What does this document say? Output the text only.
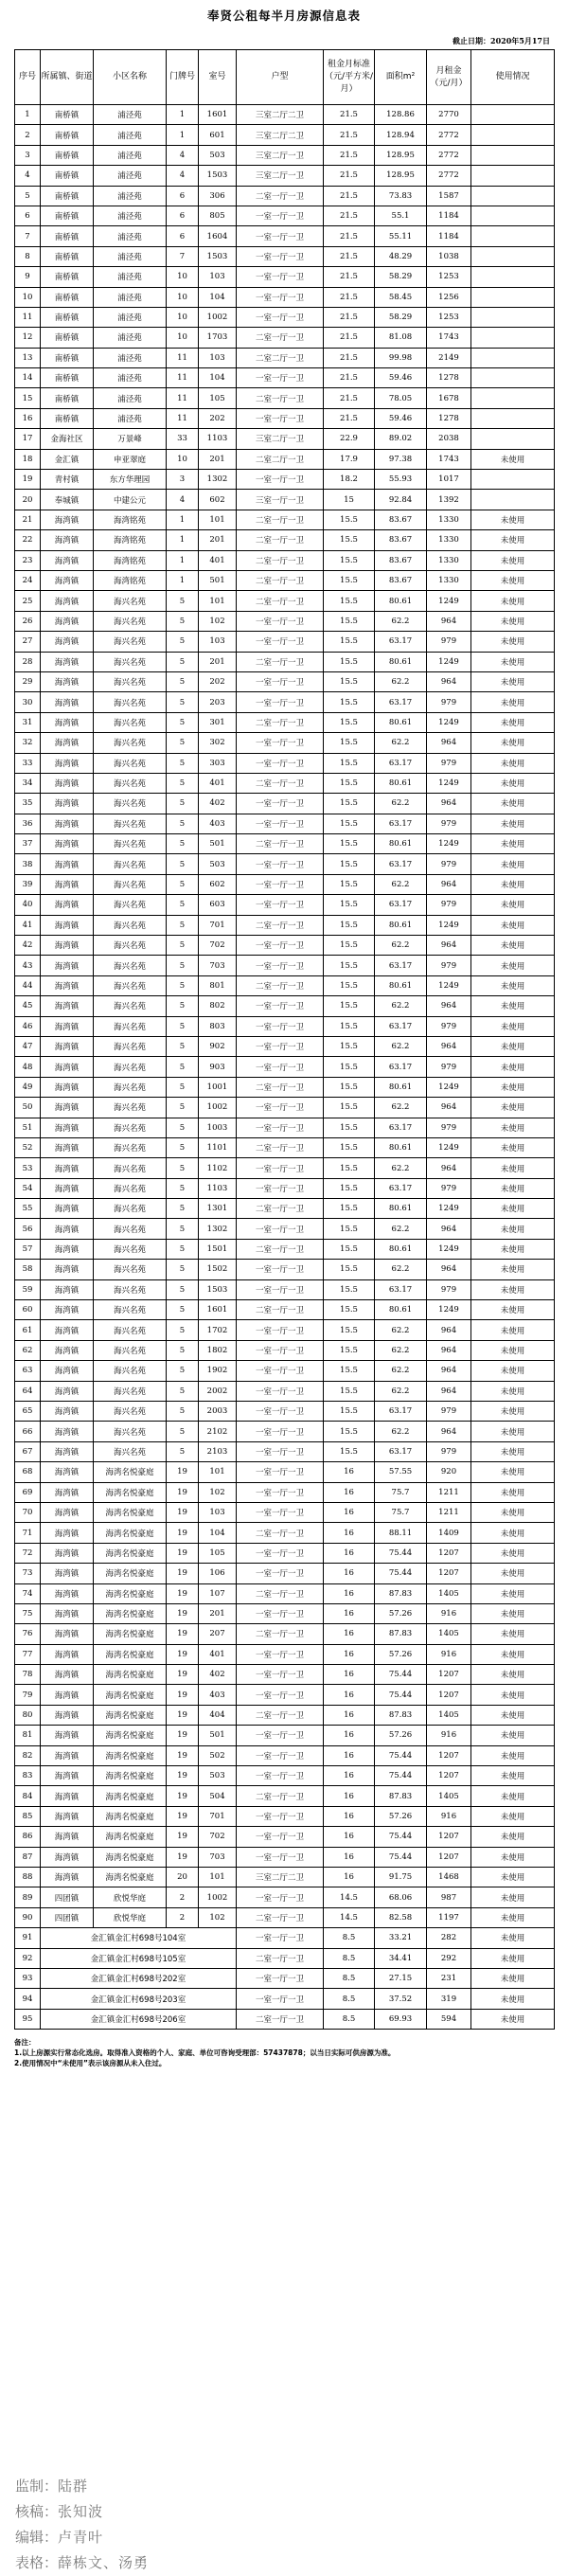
奉贤公租每半月房源信息表
截止日期：2020年5月17日
序号	所属镇、街道	小区名称	门牌号	室号	户型	租金月标准（元/平方米/月）	面积m²	月租金（元/月）	使用情况
1	南桥镇	浦泾苑	1	1601	三室二厅二卫	21.5	128.86	2770	
2	南桥镇	浦泾苑	1	601	三室二厅二卫	21.5	128.94	2772	
3	南桥镇	浦泾苑	4	503	三室二厅一卫	21.5	128.95	2772	
4	南桥镇	浦泾苑	4	1503	三室二厅一卫	21.5	128.95	2772	
5	南桥镇	浦泾苑	6	306	二室一厅一卫	21.5	73.83	1587	
6	南桥镇	浦泾苑	6	805	一室一厅一卫	21.5	55.1	1184	
7	南桥镇	浦泾苑	6	1604	一室一厅一卫	21.5	55.11	1184	
8	南桥镇	浦泾苑	7	1503	一室一厅一卫	21.5	48.29	1038	
9	南桥镇	浦泾苑	10	103	一室一厅一卫	21.5	58.29	1253	
10	南桥镇	浦泾苑	10	104	一室一厅一卫	21.5	58.45	1256	
11	南桥镇	浦泾苑	10	1002	一室一厅一卫	21.5	58.29	1253	
12	南桥镇	浦泾苑	10	1703	二室一厅一卫	21.5	81.08	1743	
13	南桥镇	浦泾苑	11	103	二室二厅一卫	21.5	99.98	2149	
14	南桥镇	浦泾苑	11	104	一室一厅一卫	21.5	59.46	1278	
15	南桥镇	浦泾苑	11	105	二室一厅一卫	21.5	78.05	1678	
16	南桥镇	浦泾苑	11	202	一室一厅一卫	21.5	59.46	1278	
17	金海社区	万景峰	33	1103	三室二厅一卫	22.9	89.02	2038	
18	金汇镇	申亚翠庭	10	201	二室二厅一卫	17.9	97.38	1743	未使用
19	青村镇	东方华理园	3	1302	一室一厅一卫	18.2	55.93	1017	
20	奉城镇	中建公元	4	602	三室一厅一卫	15	92.84	1392	
21	海湾镇	海湾铭苑	1	101	二室一厅一卫	15.5	83.67	1330	未使用
22	海湾镇	海湾铭苑	1	201	二室一厅一卫	15.5	83.67	1330	未使用
23	海湾镇	海湾铭苑	1	401	二室一厅一卫	15.5	83.67	1330	未使用
24	海湾镇	海湾铭苑	1	501	二室一厅一卫	15.5	83.67	1330	未使用
25	海湾镇	海兴名苑	5	101	二室一厅一卫	15.5	80.61	1249	未使用
26	海湾镇	海兴名苑	5	102	一室一厅一卫	15.5	62.2	964	未使用
27	海湾镇	海兴名苑	5	103	一室一厅一卫	15.5	63.17	979	未使用
28	海湾镇	海兴名苑	5	201	二室一厅一卫	15.5	80.61	1249	未使用
29	海湾镇	海兴名苑	5	202	一室一厅一卫	15.5	62.2	964	未使用
30	海湾镇	海兴名苑	5	203	一室一厅一卫	15.5	63.17	979	未使用
31	海湾镇	海兴名苑	5	301	二室一厅一卫	15.5	80.61	1249	未使用
32	海湾镇	海兴名苑	5	302	一室一厅一卫	15.5	62.2	964	未使用
33	海湾镇	海兴名苑	5	303	一室一厅一卫	15.5	63.17	979	未使用
34	海湾镇	海兴名苑	5	401	二室一厅一卫	15.5	80.61	1249	未使用
35	海湾镇	海兴名苑	5	402	一室一厅一卫	15.5	62.2	964	未使用
36	海湾镇	海兴名苑	5	403	一室一厅一卫	15.5	63.17	979	未使用
37	海湾镇	海兴名苑	5	501	二室一厅一卫	15.5	80.61	1249	未使用
38	海湾镇	海兴名苑	5	503	一室一厅一卫	15.5	63.17	979	未使用
39	海湾镇	海兴名苑	5	602	一室一厅一卫	15.5	62.2	964	未使用
40	海湾镇	海兴名苑	5	603	一室一厅一卫	15.5	63.17	979	未使用
41	海湾镇	海兴名苑	5	701	二室一厅一卫	15.5	80.61	1249	未使用
42	海湾镇	海兴名苑	5	702	一室一厅一卫	15.5	62.2	964	未使用
43	海湾镇	海兴名苑	5	703	一室一厅一卫	15.5	63.17	979	未使用
44	海湾镇	海兴名苑	5	801	二室一厅一卫	15.5	80.61	1249	未使用
45	海湾镇	海兴名苑	5	802	一室一厅一卫	15.5	62.2	964	未使用
46	海湾镇	海兴名苑	5	803	一室一厅一卫	15.5	63.17	979	未使用
47	海湾镇	海兴名苑	5	902	一室一厅一卫	15.5	62.2	964	未使用
48	海湾镇	海兴名苑	5	903	一室一厅一卫	15.5	63.17	979	未使用
49	海湾镇	海兴名苑	5	1001	二室一厅一卫	15.5	80.61	1249	未使用
50	海湾镇	海兴名苑	5	1002	一室一厅一卫	15.5	62.2	964	未使用
51	海湾镇	海兴名苑	5	1003	一室一厅一卫	15.5	63.17	979	未使用
52	海湾镇	海兴名苑	5	1101	二室一厅一卫	15.5	80.61	1249	未使用
53	海湾镇	海兴名苑	5	1102	一室一厅一卫	15.5	62.2	964	未使用
54	海湾镇	海兴名苑	5	1103	一室一厅一卫	15.5	63.17	979	未使用
55	海湾镇	海兴名苑	5	1301	二室一厅一卫	15.5	80.61	1249	未使用
56	海湾镇	海兴名苑	5	1302	一室一厅一卫	15.5	62.2	964	未使用
57	海湾镇	海兴名苑	5	1501	二室一厅一卫	15.5	80.61	1249	未使用
58	海湾镇	海兴名苑	5	1502	一室一厅一卫	15.5	62.2	964	未使用
59	海湾镇	海兴名苑	5	1503	一室一厅一卫	15.5	63.17	979	未使用
60	海湾镇	海兴名苑	5	1601	二室一厅一卫	15.5	80.61	1249	未使用
61	海湾镇	海兴名苑	5	1702	一室一厅一卫	15.5	62.2	964	未使用
62	海湾镇	海兴名苑	5	1802	一室一厅一卫	15.5	62.2	964	未使用
63	海湾镇	海兴名苑	5	1902	一室一厅一卫	15.5	62.2	964	未使用
64	海湾镇	海兴名苑	5	2002	一室一厅一卫	15.5	62.2	964	未使用
65	海湾镇	海兴名苑	5	2003	一室一厅一卫	15.5	63.17	979	未使用
66	海湾镇	海兴名苑	5	2102	一室一厅一卫	15.5	62.2	964	未使用
67	海湾镇	海兴名苑	5	2103	一室一厅一卫	15.5	63.17	979	未使用
68	海湾镇	海湾名悦豪庭	19	101	一室一厅一卫	16	57.55	920	未使用
69	海湾镇	海湾名悦豪庭	19	102	一室一厅一卫	16	75.7	1211	未使用
70	海湾镇	海湾名悦豪庭	19	103	一室一厅一卫	16	75.7	1211	未使用
71	海湾镇	海湾名悦豪庭	19	104	二室一厅一卫	16	88.11	1409	未使用
72	海湾镇	海湾名悦豪庭	19	105	一室一厅一卫	16	75.44	1207	未使用
73	海湾镇	海湾名悦豪庭	19	106	一室一厅一卫	16	75.44	1207	未使用
74	海湾镇	海湾名悦豪庭	19	107	二室一厅一卫	16	87.83	1405	未使用
75	海湾镇	海湾名悦豪庭	19	201	一室一厅一卫	16	57.26	916	未使用
76	海湾镇	海湾名悦豪庭	19	207	二室一厅一卫	16	87.83	1405	未使用
77	海湾镇	海湾名悦豪庭	19	401	一室一厅一卫	16	57.26	916	未使用
78	海湾镇	海湾名悦豪庭	19	402	一室一厅一卫	16	75.44	1207	未使用
79	海湾镇	海湾名悦豪庭	19	403	一室一厅一卫	16	75.44	1207	未使用
80	海湾镇	海湾名悦豪庭	19	404	二室一厅一卫	16	87.83	1405	未使用
81	海湾镇	海湾名悦豪庭	19	501	一室一厅一卫	16	57.26	916	未使用
82	海湾镇	海湾名悦豪庭	19	502	一室一厅一卫	16	75.44	1207	未使用
83	海湾镇	海湾名悦豪庭	19	503	一室一厅一卫	16	75.44	1207	未使用
84	海湾镇	海湾名悦豪庭	19	504	二室一厅一卫	16	87.83	1405	未使用
85	海湾镇	海湾名悦豪庭	19	701	一室一厅一卫	16	57.26	916	未使用
86	海湾镇	海湾名悦豪庭	19	702	一室一厅一卫	16	75.44	1207	未使用
87	海湾镇	海湾名悦豪庭	19	703	一室一厅一卫	16	75.44	1207	未使用
88	海湾镇	海湾名悦豪庭	20	101	三室二厅二卫	16	91.75	1468	未使用
89	四团镇	欣悦华庭	2	1002	一室一厅一卫	14.5	68.06	987	未使用
90	四团镇	欣悦华庭	2	102	二室一厅一卫	14.5	82.58	1197	未使用
91	金汇镇金汇村698号104室				一室一厅一卫	8.5	33.21	282	未使用
92	金汇镇金汇村698号105室				二室一厅一卫	8.5	34.41	292	未使用
93	金汇镇金汇村698号202室				一室一厅一卫	8.5	27.15	231	未使用
94	金汇镇金汇村698号203室				一室一厅一卫	8.5	37.52	319	未使用
95	金汇镇金汇村698号206室				二室一厅一卫	8.5	69.93	594	未使用
备注：
1.以上房源实行常态化选房。取得准入资格的个人、家庭、单位可咨询受理部：57437878；以当日实际可供房源为准。
2.使用情况中“未使用”表示该房源从未入住过。
监制：陆群
核稿：张知波
编辑：卢青叶
表格：薛栋文、汤勇
